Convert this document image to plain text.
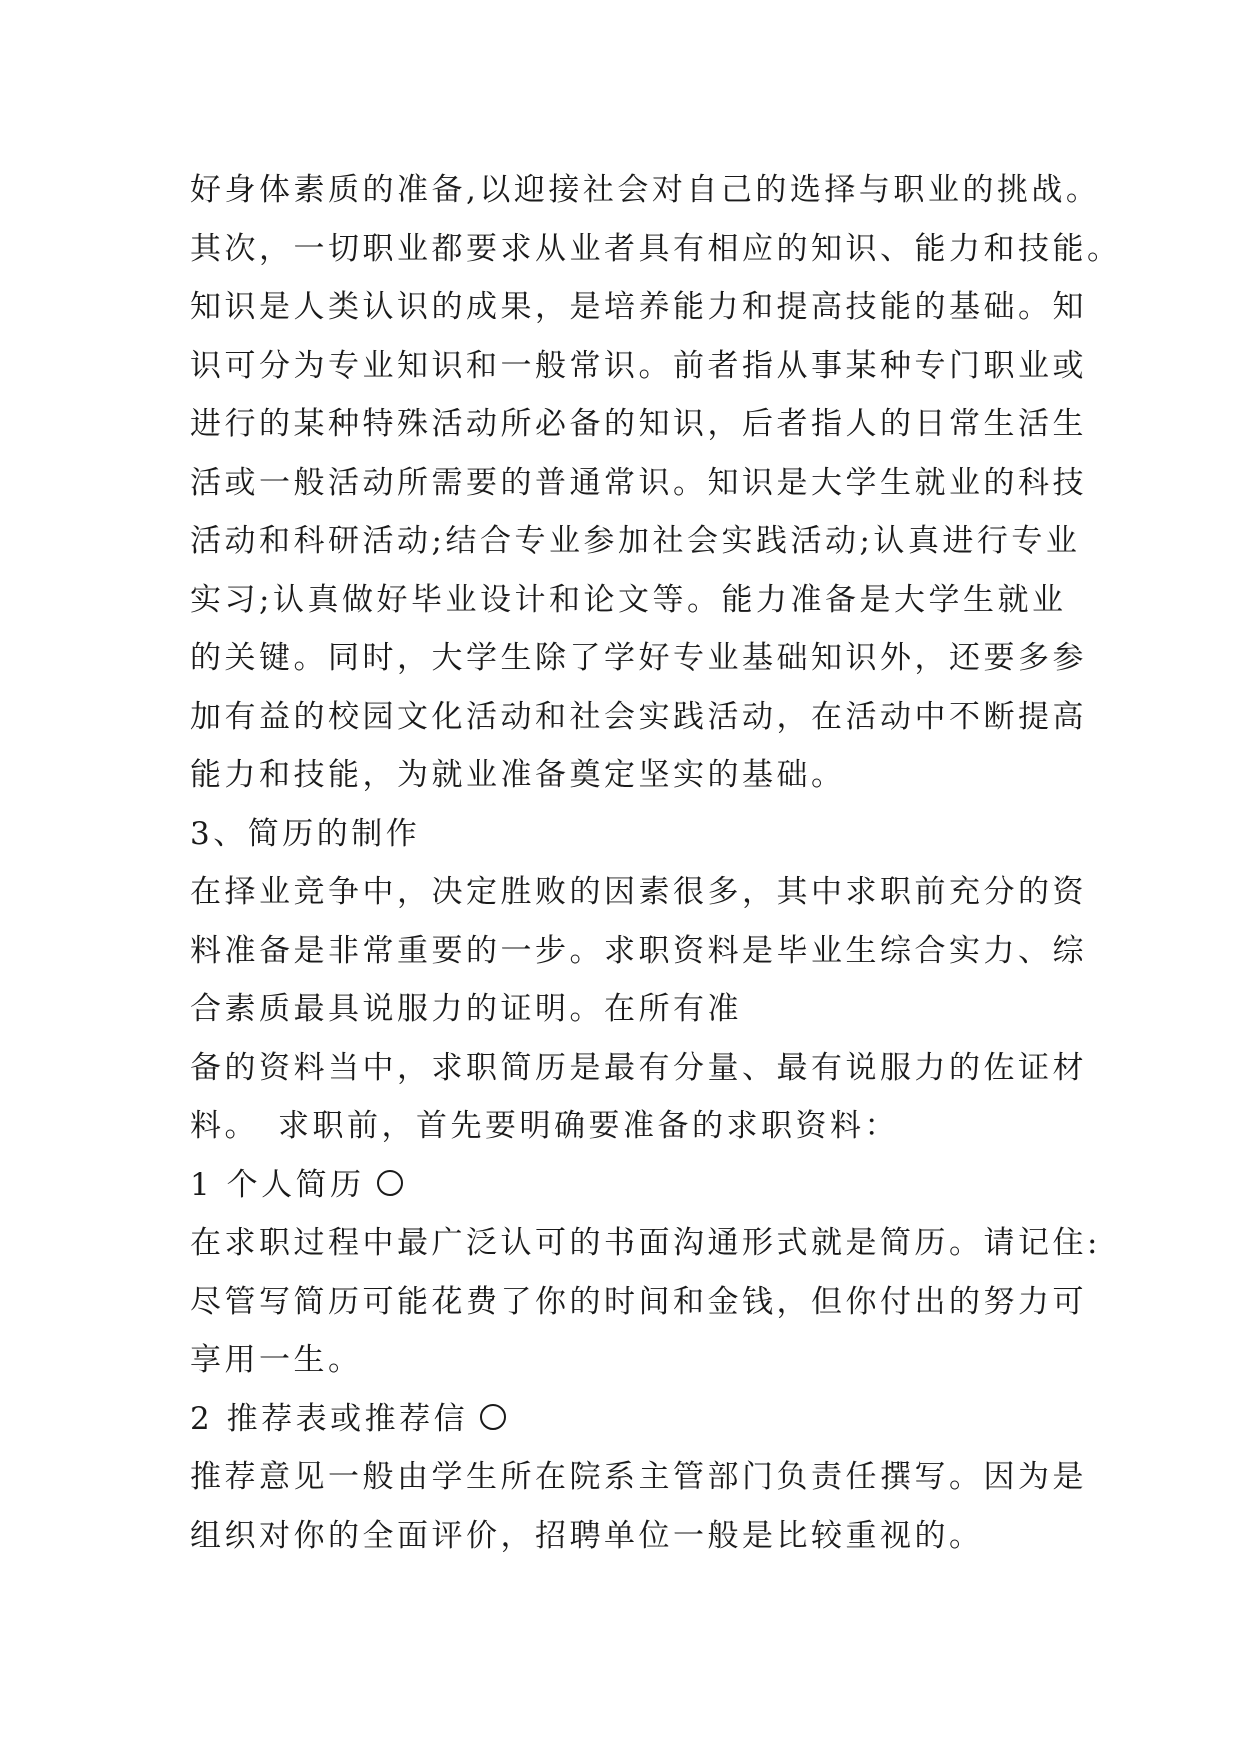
好身体素质的准备,以迎接社会对自己的选择与职业的挑战。
其次，一切职业都要求从业者具有相应的知识、能力和技能。
知识是人类认识的成果，是培养能力和提高技能的基础。知
识可分为专业知识和一般常识。前者指从事某种专门职业或
进行的某种特殊活动所必备的知识，后者指人的日常生活生
活或一般活动所需要的普通常识。知识是大学生就业的科技
活动和科研活动;结合专业参加社会实践活动;认真进行专业
实习;认真做好毕业设计和论文等。能力准备是大学生就业
的关键。同时，大学生除了学好专业基础知识外，还要多参
加有益的校园文化活动和社会实践活动，在活动中不断提高
能力和技能，为就业准备奠定坚实的基础。
3、简历的制作
在择业竞争中，决定胜败的因素很多，其中求职前充分的资
料准备是非常重要的一步。求职资料是毕业生综合实力、综
合素质最具说服力的证明。在所有准
备的资料当中，求职简历是最有分量、最有说服力的佐证材
料。　求职前，首先要明确要准备的求职资料：
1 个人简历
在求职过程中最广泛认可的书面沟通形式就是简历。请记住:
尽管写简历可能花费了你的时间和金钱，但你付出的努力可
享用一生。
2 推荐表或推荐信
推荐意见一般由学生所在院系主管部门负责任撰写。因为是
组织对你的全面评价，招聘单位一般是比较重视的。
